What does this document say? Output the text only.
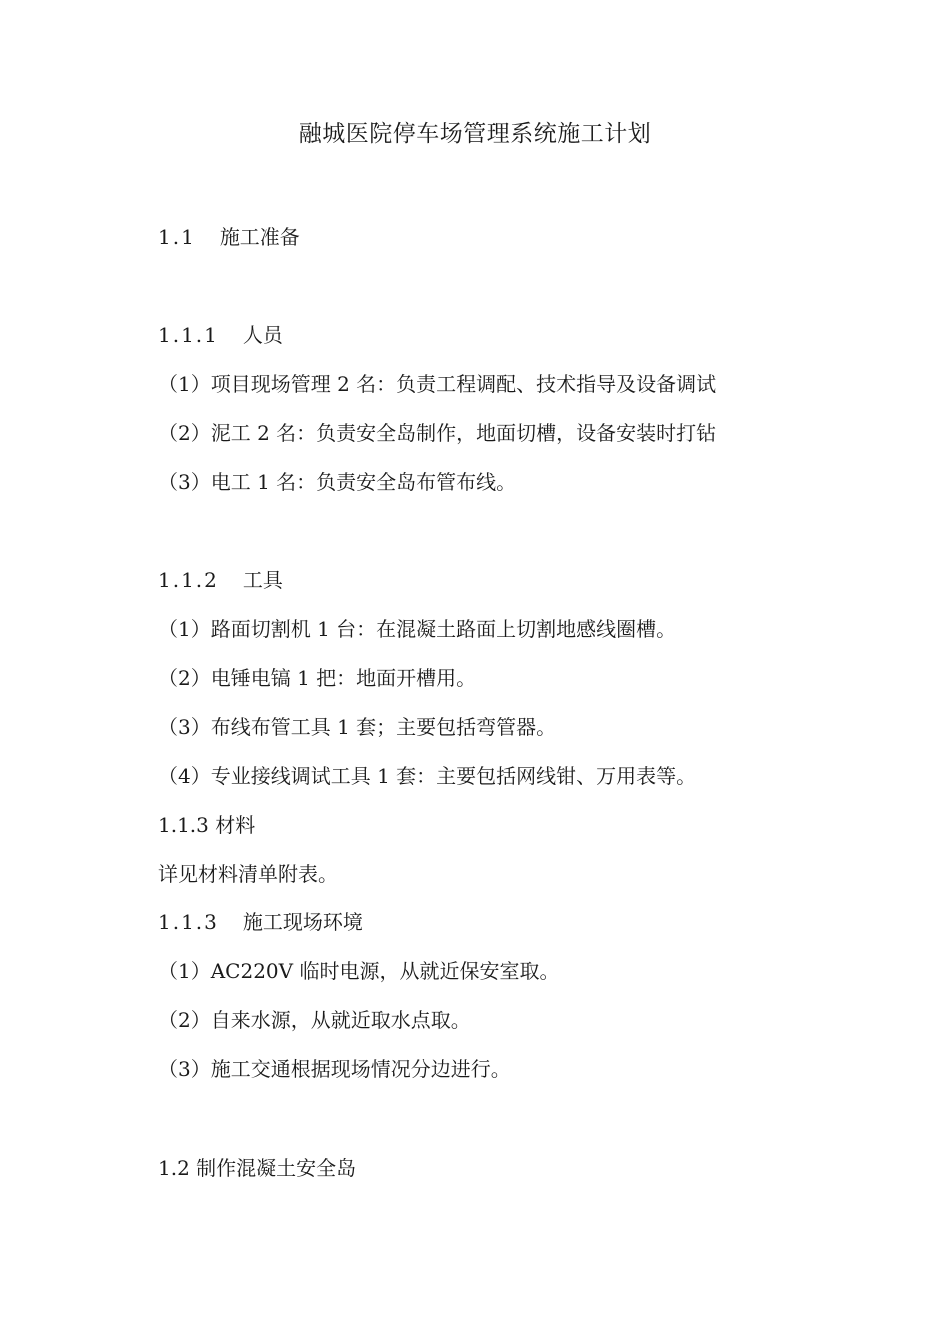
融城医院停车场管理系统施工计划
1.1 施工准备
1.1.1 人员
（1）项目现场管理 2 名：负责工程调配、技术指导及设备调试
（2）泥工 2 名：负责安全岛制作，地面切槽，设备安装时打钻
（3）电工 1 名：负责安全岛布管布线。
1.1.2 工具
（1）路面切割机 1 台：在混凝土路面上切割地感线圈槽。
（2）电锤电镐 1 把：地面开槽用。
（3）布线布管工具 1 套；主要包括弯管器。
（4）专业接线调试工具 1 套：主要包括网线钳、万用表等。
1.1.3 材料
详见材料清单附表。
1.1.3 施工现场环境
（1）AC220V 临时电源，从就近保安室取。
（2）自来水源，从就近取水点取。
（3）施工交通根据现场情况分边进行。
1.2 制作混凝土安全岛
